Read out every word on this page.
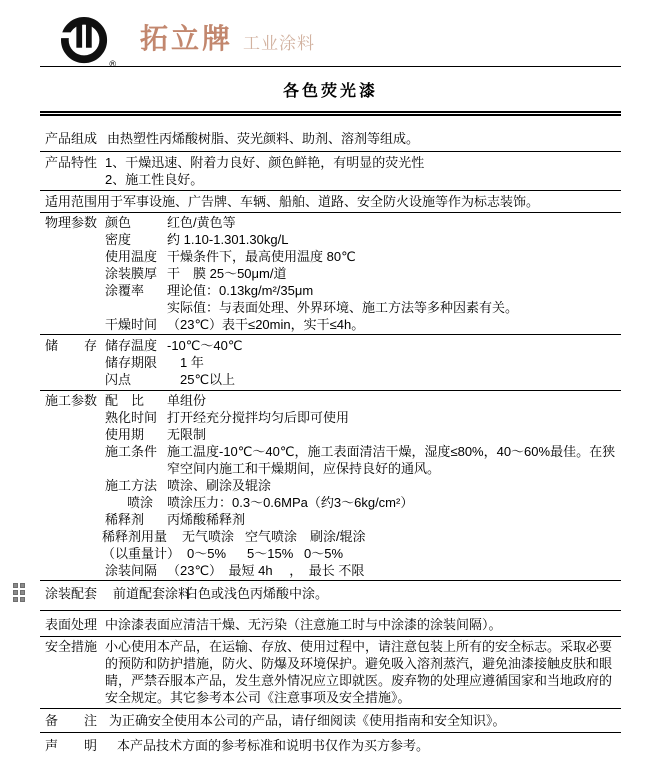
®
拓立牌 工业涂料
各色荧光漆
产品组成 由热塑性丙烯酸树脂、荧光颜料、助剂、溶剂等组成。
产品特性 1、干燥迅速、附着力良好、颜色鲜艳，有明显的荧光性
2、施工性良好。
适用范围 用于军事设施、广告牌、车辆、船舶、道路、安全防火设施等作为标志装饰。
物理参数 颜色	红色/黄色等
密度	约 1.10-1.301.30kg/L
使用温度 干燥条件下，最高使用温度 80℃
涂装膜厚 干　膜 25～50μm/道
涂覆率	理论值：0.13kg/m²/35μm
实际值：与表面处理、外界环境、施工方法等多种因素有关。
干燥时间 （23℃）表干≤20min，实干≤4h。
储　　存 储存温度 -10℃～40℃
储存期限 　1 年
闪点	　25℃以上
施工参数 配　比	单组份
熟化时间 打开经充分搅拌均匀后即可使用
使用期	无限制
施工条件 施工温度-10℃～40℃，施工表面清洁干燥，湿度≤80%，40～60%最佳。在狭窄空间内施工和干燥期间，应保持良好的通风。
施工方法 喷涂、刷涂及辊涂
喷涂	喷涂压力：0.3～0.6MPa（约3～6kg/cm²）
稀释剂	丙烯酸稀释剂
稀释剂用量	无气喷涂 空气喷涂 刷涂/辊涂
（以重量计） 0～5% 5～15% 0～5%
涂装间隔 （23℃）　最短 4h　 ，　最长 不限
涂装配套	前道配套涂料
白色或浅色丙烯酸中涂。
表面处理 中涂漆表面应清洁干燥、无污染（注意施工时与中涂漆的涂装间隔）。
安全措施 小心使用本产品，在运输、存放、使用过程中，请注意包装上所有的安全标志。采取必要的预防和防护措施，防火、防爆及环境保护。避免吸入溶剂蒸汽，避免油漆接触皮肤和眼睛，严禁吞服本产品，发生意外情况应立即就医。废弃物的处理应遵循国家和当地政府的安全规定。其它参考本公司《注意事项及安全措施》。
备　　注 为正确安全使用本公司的产品，请仔细阅读《使用指南和安全知识》。
声　　明	本产品技术方面的参考标准和说明书仅作为买方参考。
